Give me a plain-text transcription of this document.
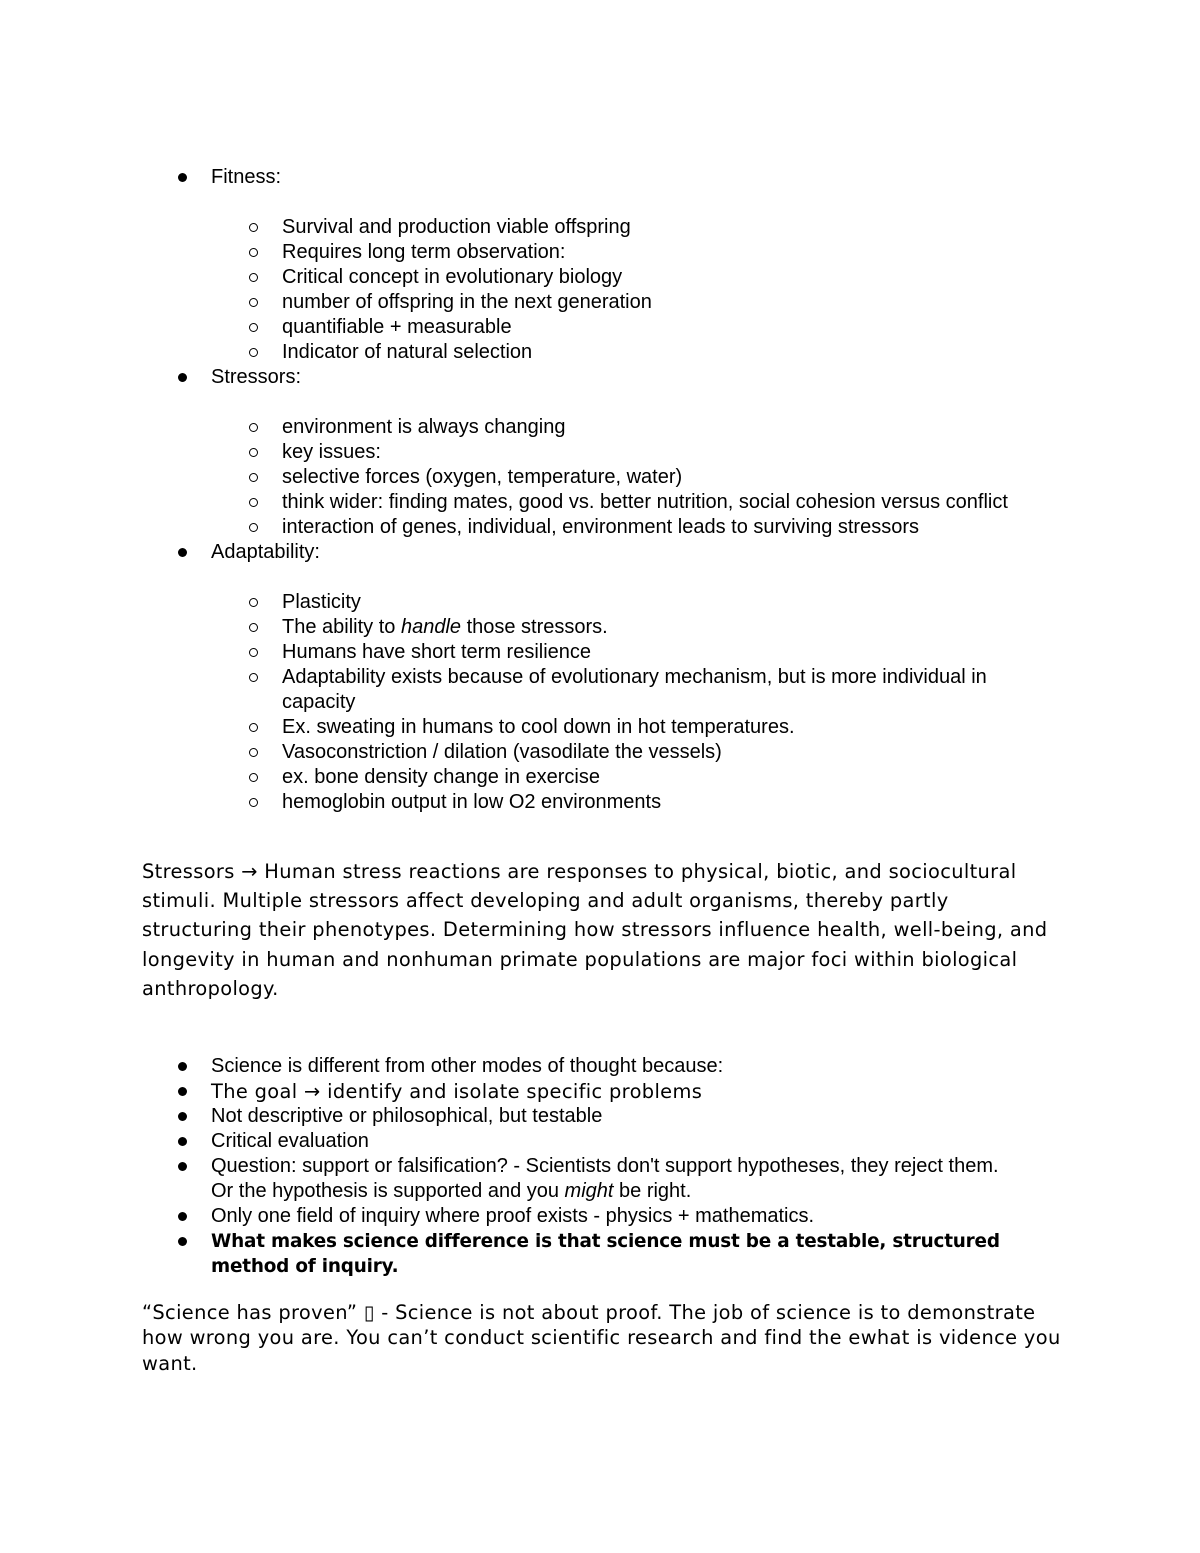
Fitness:
Survival and production viable offspring
Requires long term observation:
Critical concept in evolutionary biology
number of offspring in the next generation
quantifiable + measurable
Indicator of natural selection
Stressors:
environment is always changing
key issues:
selective forces (oxygen, temperature, water)
think wider: finding mates, good vs. better nutrition, social cohesion versus conflict
interaction of genes, individual, environment leads to surviving stressors
Adaptability:
Plasticity
The ability to handle those stressors.
Humans have short term resilience
Adaptability exists because of evolutionary mechanism, but is more individual in capacity
Ex. sweating in humans to cool down in hot temperatures.
Vasoconstriction / dilation (vasodilate the vessels)
ex. bone density change in exercise
hemoglobin output in low O2 environments

Stressors → Human stress reactions are responses to physical, biotic, and sociocultural stimuli. Multiple stressors affect developing and adult organisms, thereby partly structuring their phenotypes. Determining how stressors influence health, well-being, and longevity in human and nonhuman primate populations are major foci within biological anthropology.

Science is different from other modes of thought because:
The goal → identify and isolate specific problems
Not descriptive or philosophical, but testable
Critical evaluation
Question: support or falsification? - Scientists don't support hypotheses, they reject them. Or the hypothesis is supported and you might be right.
Only one field of inquiry where proof exists - physics + mathematics.
What makes science difference is that science must be a testable, structured method of inquiry.

“Science has proven” ▯ - Science is not about proof. The job of science is to demonstrate how wrong you are. You can’t conduct scientific research and find the ewhat is vidence you want.
